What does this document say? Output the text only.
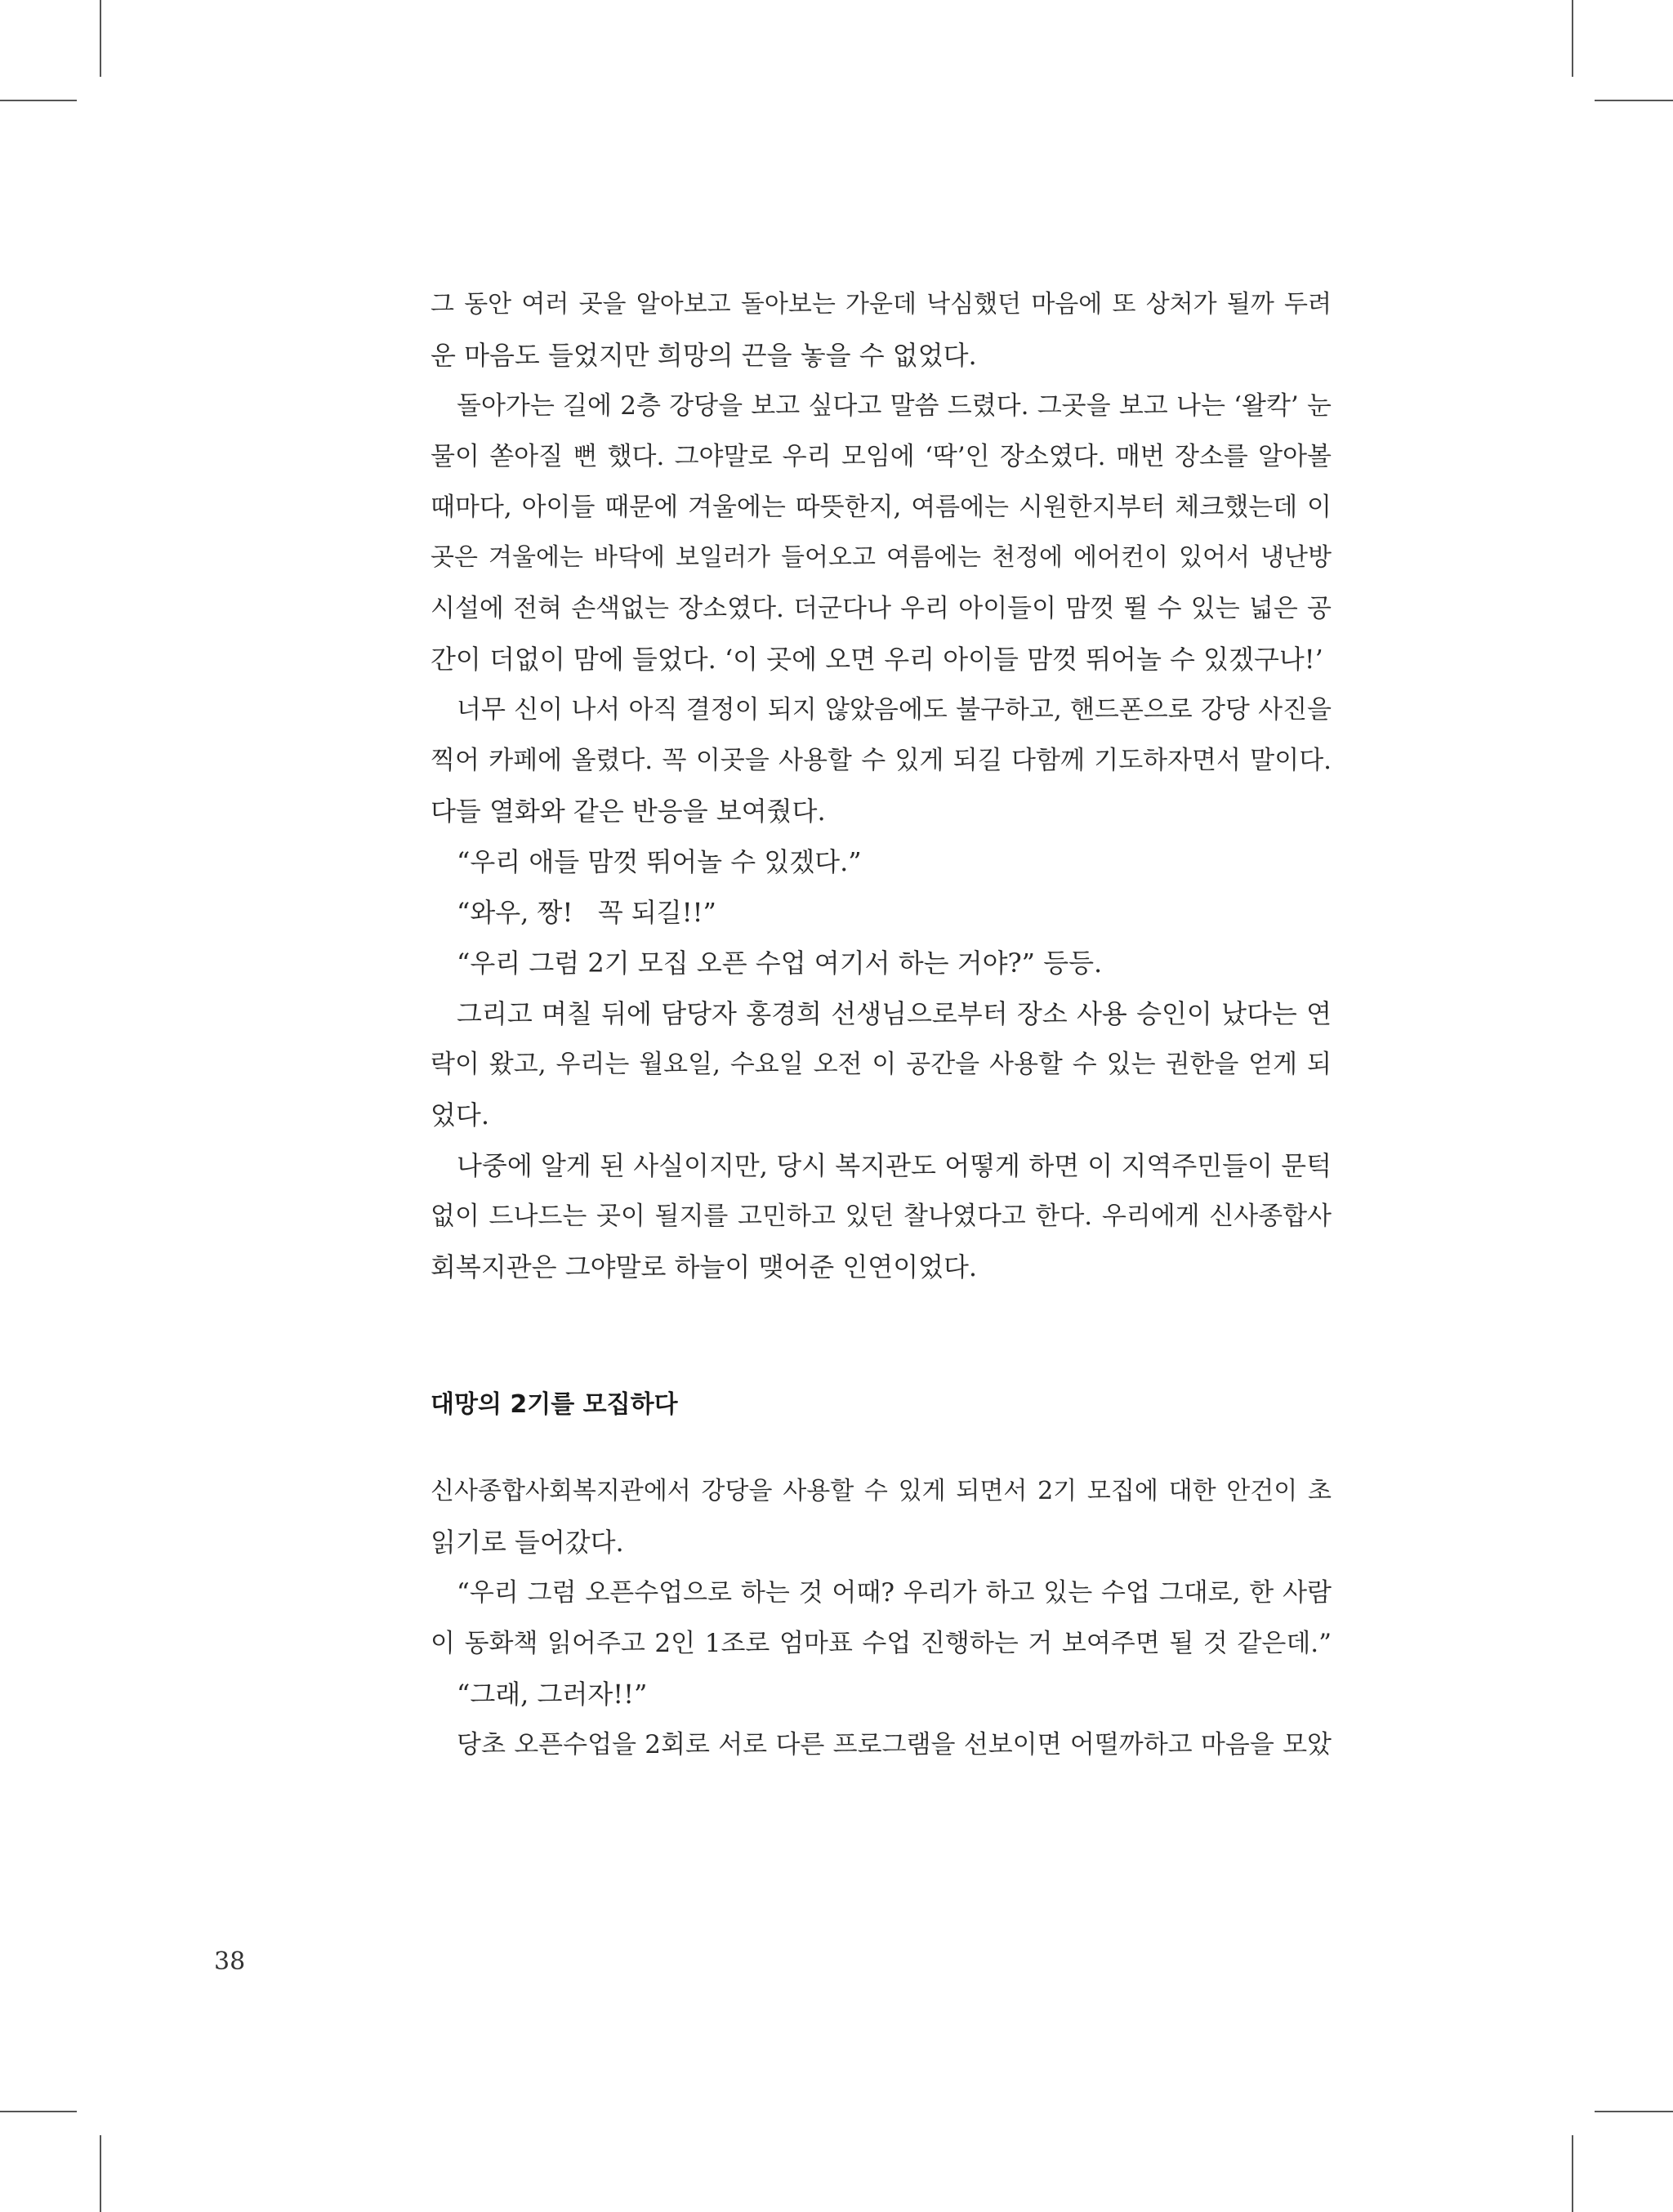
그 동안 여러 곳을 알아보고 돌아보는 가운데 낙심했던 마음에 또 상처가 될까 두려
운 마음도 들었지만 희망의 끈을 놓을 수 없었다.
돌아가는 길에 2층 강당을 보고 싶다고 말씀 드렸다. 그곳을 보고 나는 ‘왈칵’ 눈
물이 쏟아질 뻔 했다. 그야말로 우리 모임에 ‘딱’인 장소였다. 매번 장소를 알아볼
때마다, 아이들 때문에 겨울에는 따뜻한지, 여름에는 시원한지부터 체크했는데 이
곳은 겨울에는 바닥에 보일러가 들어오고 여름에는 천정에 에어컨이 있어서 냉난방
시설에 전혀 손색없는 장소였다. 더군다나 우리 아이들이 맘껏 뛸 수 있는 넓은 공
간이 더없이 맘에 들었다. ‘이 곳에 오면 우리 아이들 맘껏 뛰어놀 수 있겠구나!’
너무 신이 나서 아직 결정이 되지 않았음에도 불구하고, 핸드폰으로 강당 사진을
찍어 카페에 올렸다. 꼭 이곳을 사용할 수 있게 되길 다함께 기도하자면서 말이다.
다들 열화와 같은 반응을 보여줬다.
“우리 애들 맘껏 뛰어놀 수 있겠다.”
“와우, 짱!   꼭 되길!!”
“우리 그럼 2기 모집 오픈 수업 여기서 하는 거야?” 등등.
그리고 며칠 뒤에 담당자 홍경희 선생님으로부터 장소 사용 승인이 났다는 연
락이 왔고, 우리는 월요일, 수요일 오전 이 공간을 사용할 수 있는 권한을 얻게 되
었다.
나중에 알게 된 사실이지만, 당시 복지관도 어떻게 하면 이 지역주민들이 문턱
없이 드나드는 곳이 될지를 고민하고 있던 찰나였다고 한다. 우리에게 신사종합사
회복지관은 그야말로 하늘이 맺어준 인연이었다.
대망의 2기를 모집하다
신사종합사회복지관에서 강당을 사용할 수 있게 되면서 2기 모집에 대한 안건이 초
읽기로 들어갔다.
“우리 그럼 오픈수업으로 하는 것 어때? 우리가 하고 있는 수업 그대로, 한 사람
이 동화책 읽어주고 2인 1조로 엄마표 수업 진행하는 거 보여주면 될 것 같은데.”
“그래, 그러자!!”
당초 오픈수업을 2회로 서로 다른 프로그램을 선보이면 어떨까하고 마음을 모았
38
